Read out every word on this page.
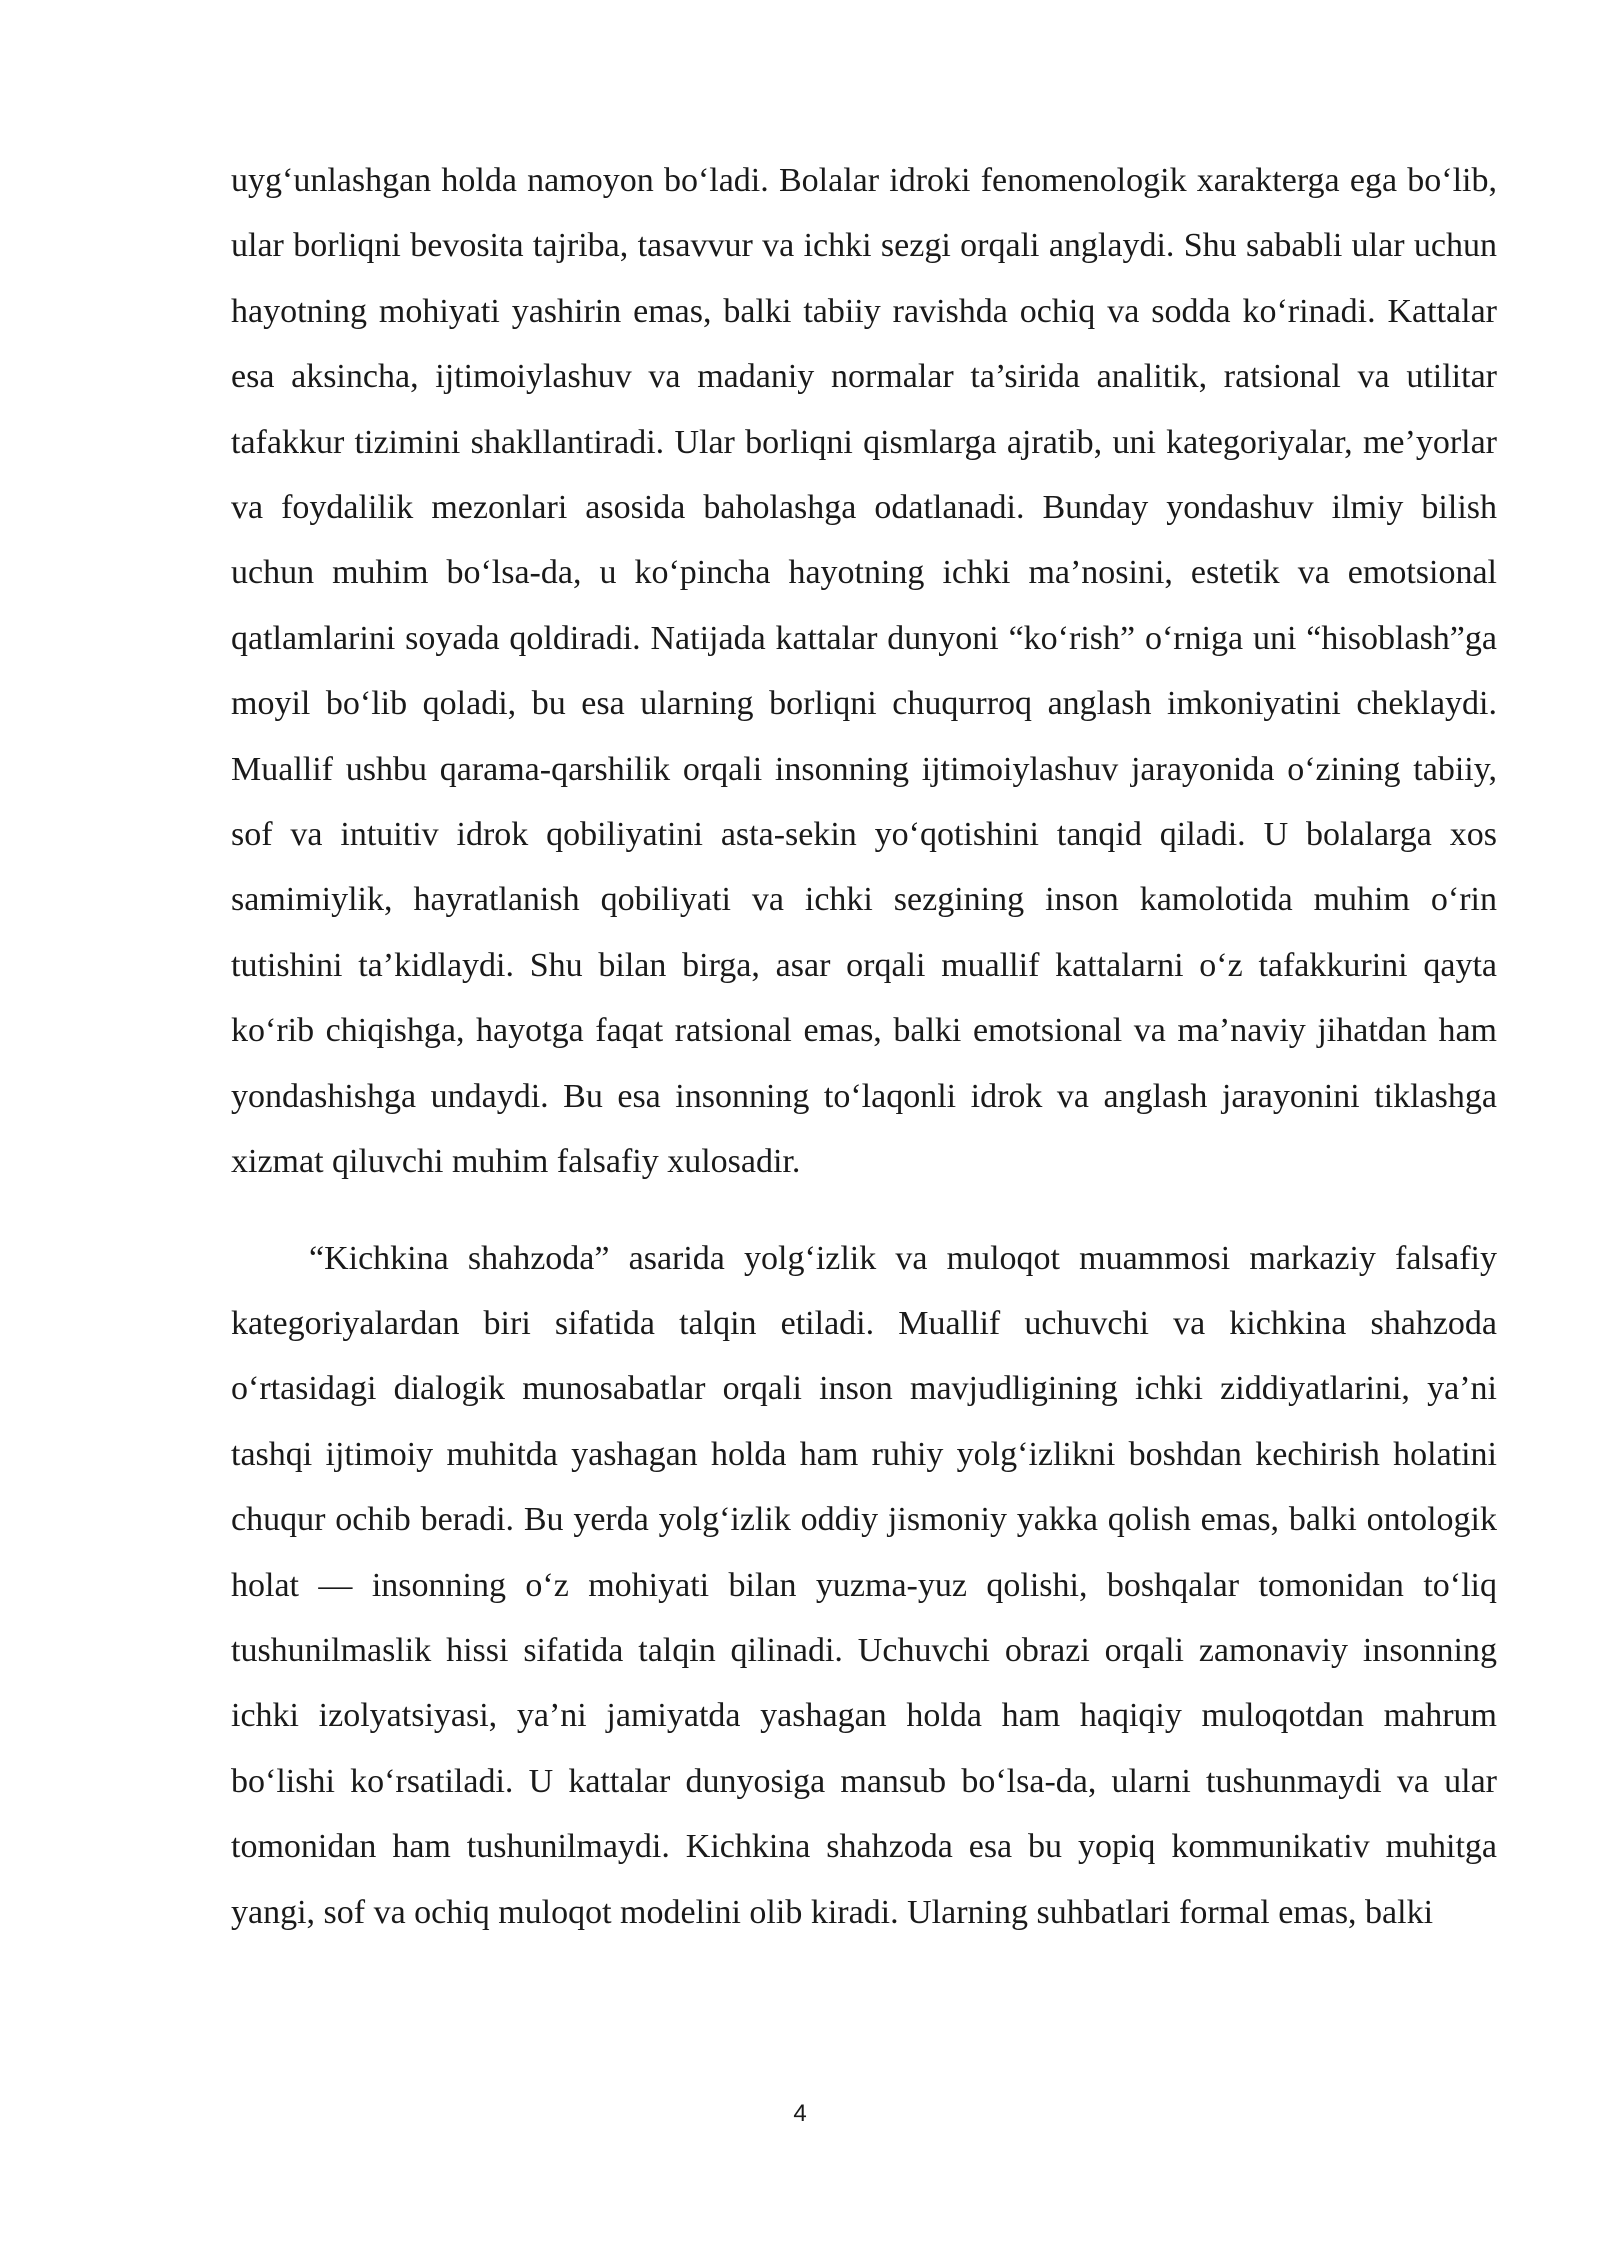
uyg‘unlashgan holda namoyon bo‘ladi. Bolalar idroki fenomenologik xarakterga ega bo‘lib, ular borliqni bevosita tajriba, tasavvur va ichki sezgi orqali anglaydi. Shu sababli ular uchun hayotning mohiyati yashirin emas, balki tabiiy ravishda ochiq va sodda ko‘rinadi. Kattalar esa aksincha, ijtimoiylashuv va madaniy normalar ta’sirida analitik, ratsional va utilitar tafakkur tizimini shakllantiradi. Ular borliqni qismlarga ajratib, uni kategoriyalar, me’yorlar va foydalilik mezonlari asosida baholashga odatlanadi. Bunday yondashuv ilmiy bilish uchun muhim bo‘lsa-da, u ko‘pincha hayotning ichki ma’nosini, estetik va emotsional qatlamlarini soyada qoldiradi. Natijada kattalar dunyoni “ko‘rish” o‘rniga uni “hisoblash”ga moyil bo‘lib qoladi, bu esa ularning borliqni chuqurroq anglash imkoniyatini cheklaydi. Muallif ushbu qarama-qarshilik orqali insonning ijtimoiylashuv jarayonida o‘zining tabiiy, sof va intuitiv idrok qobiliyatini asta-sekin yo‘qotishini tanqid qiladi. U bolalarga xos samimiylik, hayratlanish qobiliyati va ichki sezgining inson kamolotida muhim o‘rin tutishini ta’kidlaydi. Shu bilan birga, asar orqali muallif kattalarni o‘z tafakkurini qayta ko‘rib chiqishga, hayotga faqat ratsional emas, balki emotsional va ma’naviy jihatdan ham yondashishga undaydi. Bu esa insonning to‘laqonli idrok va anglash jarayonini tiklashga xizmat qiluvchi muhim falsafiy xulosadir.

“Kichkina shahzoda” asarida yolg‘izlik va muloqot muammosi markaziy falsafiy kategoriyalardan biri sifatida talqin etiladi. Muallif uchuvchi va kichkina shahzoda o‘rtasidagi dialogik munosabatlar orqali inson mavjudligining ichki ziddiyatlarini, ya’ni tashqi ijtimoiy muhitda yashagan holda ham ruhiy yolg‘izlikni boshdan kechirish holatini chuqur ochib beradi. Bu yerda yolg‘izlik oddiy jismoniy yakka qolish emas, balki ontologik holat — insonning o‘z mohiyati bilan yuzma-yuz qolishi, boshqalar tomonidan to‘liq tushunilmaslik hissi sifatida talqin qilinadi. Uchuvchi obrazi orqali zamonaviy insonning ichki izolyatsiyasi, ya’ni jamiyatda yashagan holda ham haqiqiy muloqotdan mahrum bo‘lishi ko‘rsatiladi. U kattalar dunyosiga mansub bo‘lsa-da, ularni tushunmaydi va ular tomonidan ham tushunilmaydi. Kichkina shahzoda esa bu yopiq kommunikativ muhitga yangi, sof va ochiq muloqot modelini olib kiradi. Ularning suhbatlari formal emas, balki

4
